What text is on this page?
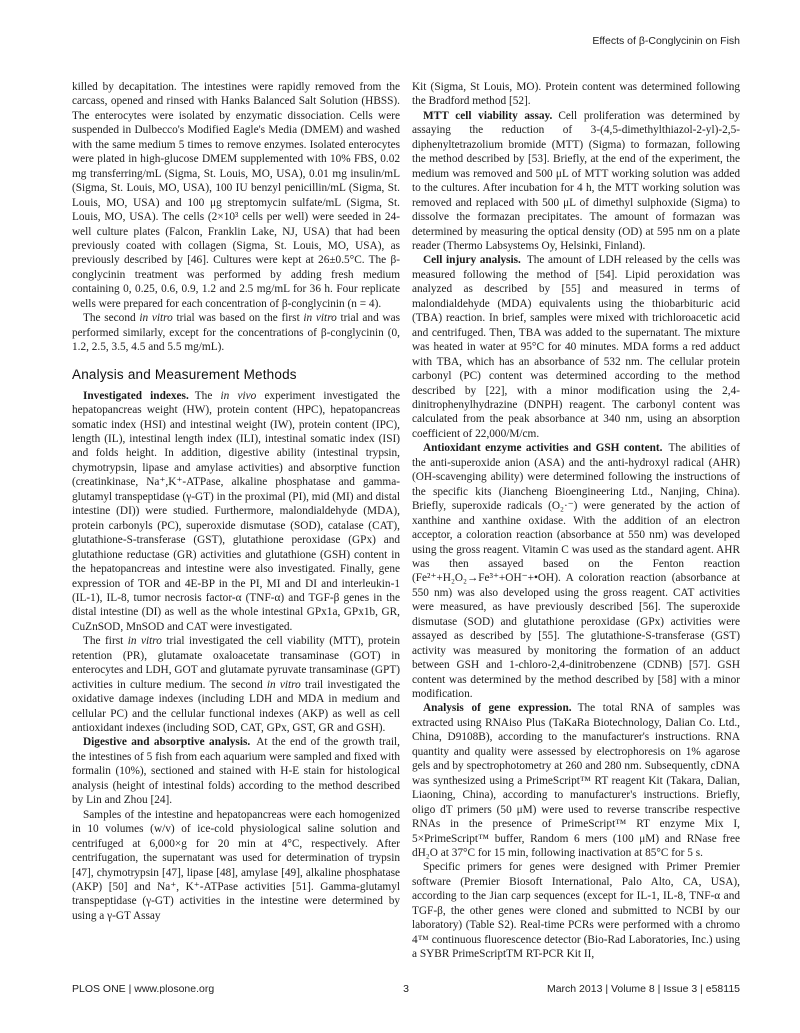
Effects of β-Conglycinin on Fish

killed by decapitation. The intestines were rapidly removed from the carcass, opened and rinsed with Hanks Balanced Salt Solution (HBSS). The enterocytes were isolated by enzymatic dissociation. Cells were suspended in Dulbecco's Modified Eagle's Media (DMEM) and washed with the same medium 5 times to remove enzymes. Isolated enterocytes were plated in high-glucose DMEM supplemented with 10% FBS, 0.02 mg transferring/mL (Sigma, St. Louis, MO, USA), 0.01 mg insulin/mL (Sigma, St. Louis, MO, USA), 100 IU benzyl penicillin/mL (Sigma, St. Louis, MO, USA) and 100 μg streptomycin sulfate/mL (Sigma, St. Louis, MO, USA). The cells (2×10³ cells per well) were seeded in 24-well culture plates (Falcon, Franklin Lake, NJ, USA) that had been previously coated with collagen (Sigma, St. Louis, MO, USA), as previously described by [46]. Cultures were kept at 26±0.5°C. The β-conglycinin treatment was performed by adding fresh medium containing 0, 0.25, 0.6, 0.9, 1.2 and 2.5 mg/mL for 36 h. Four replicate wells were prepared for each concentration of β-conglycinin (n = 4).

The second in vitro trial was based on the first in vitro trial and was performed similarly, except for the concentrations of β-conglycinin (0, 1.2, 2.5, 3.5, 4.5 and 5.5 mg/mL).

Analysis and Measurement Methods

Investigated indexes. The in vivo experiment investigated the hepatopancreas weight (HW), protein content (HPC), hepatopancreas somatic index (HSI) and intestinal weight (IW), protein content (IPC), length (IL), intestinal length index (ILI), intestinal somatic index (ISI) and folds height. In addition, digestive ability (intestinal trypsin, chymotrypsin, lipase and amylase activities) and absorptive function (creatinkinase, Na⁺,K⁺-ATPase, alkaline phosphatase and gamma-glutamyl transpeptidase (γ-GT) in the proximal (PI), mid (MI) and distal intestine (DI)) were studied. Furthermore, malondialdehyde (MDA), protein carbonyls (PC), superoxide dismutase (SOD), catalase (CAT), glutathione-S-transferase (GST), glutathione peroxidase (GPx) and glutathione reductase (GR) activities and glutathione (GSH) content in the hepatopancreas and intestine were also investigated. Finally, gene expression of TOR and 4E-BP in the PI, MI and DI and interleukin-1 (IL-1), IL-8, tumor necrosis factor-α (TNF-α) and TGF-β genes in the distal intestine (DI) as well as the whole intestinal GPx1a, GPx1b, GR, CuZnSOD, MnSOD and CAT were investigated.

The first in vitro trial investigated the cell viability (MTT), protein retention (PR), glutamate oxaloacetate transaminase (GOT) in enterocytes and LDH, GOT and glutamate pyruvate transaminase (GPT) activities in culture medium. The second in vitro trail investigated the oxidative damage indexes (including LDH and MDA in medium and cellular PC) and the cellular functional indexes (AKP) as well as cell antioxidant indexes (including SOD, CAT, GPx, GST, GR and GSH).

Digestive and absorptive analysis. At the end of the growth trail, the intestines of 5 fish from each aquarium were sampled and fixed with formalin (10%), sectioned and stained with H-E stain for histological analysis (height of intestinal folds) according to the method described by Lin and Zhou [24].

Samples of the intestine and hepatopancreas were each homogenized in 10 volumes (w/v) of ice-cold physiological saline solution and centrifuged at 6,000×g for 20 min at 4°C, respectively. After centrifugation, the supernatant was used for determination of trypsin [47], chymotrypsin [47], lipase [48], amylase [49], alkaline phosphatase (AKP) [50] and Na⁺, K⁺-ATPase activities [51]. Gamma-glutamyl transpeptidase (γ-GT) activities in the intestine were determined by using a γ-GT Assay

Kit (Sigma, St Louis, MO). Protein content was determined following the Bradford method [52].

MTT cell viability assay. Cell proliferation was determined by assaying the reduction of 3-(4,5-dimethylthiazol-2-yl)-2,5-diphenyltetrazolium bromide (MTT) (Sigma) to formazan, following the method described by [53]. Briefly, at the end of the experiment, the medium was removed and 500 μL of MTT working solution was added to the cultures. After incubation for 4 h, the MTT working solution was removed and replaced with 500 μL of dimethyl sulphoxide (Sigma) to dissolve the formazan precipitates. The amount of formazan was determined by measuring the optical density (OD) at 595 nm on a plate reader (Thermo Labsystems Oy, Helsinki, Finland).

Cell injury analysis. The amount of LDH released by the cells was measured following the method of [54]. Lipid peroxidation was analyzed as described by [55] and measured in terms of malondialdehyde (MDA) equivalents using the thiobarbituric acid (TBA) reaction. In brief, samples were mixed with trichloroacetic acid and centrifuged. Then, TBA was added to the supernatant. The mixture was heated in water at 95°C for 40 minutes. MDA forms a red adduct with TBA, which has an absorbance of 532 nm. The cellular protein carbonyl (PC) content was determined according to the method described by [22], with a minor modification using the 2,4-dinitrophenylhydrazine (DNPH) reagent. The carbonyl content was calculated from the peak absorbance at 340 nm, using an absorption coefficient of 22,000/M/cm.

Antioxidant enzyme activities and GSH content. The abilities of the anti-superoxide anion (ASA) and the anti-hydroxyl radical (AHR) (OH-scavenging ability) were determined following the instructions of the specific kits (Jiancheng Bioengineering Ltd., Nanjing, China). Briefly, superoxide radicals (O₂·⁻) were generated by the action of xanthine and xanthine oxidase. With the addition of an electron acceptor, a coloration reaction (absorbance at 550 nm) was developed using the gross reagent. Vitamin C was used as the standard agent. AHR was then assayed based on the Fenton reaction (Fe²⁺+H₂O₂→Fe³⁺+OH⁻+•OH). A coloration reaction (absorbance at 550 nm) was also developed using the gross reagent. CAT activities were measured, as have previously described [56]. The superoxide dismutase (SOD) and glutathione peroxidase (GPx) activities were assayed as described by [55]. The glutathione-S-transferase (GST) activity was measured by monitoring the formation of an adduct between GSH and 1-chloro-2,4-dinitrobenzene (CDNB) [57]. GSH content was determined by the method described by [58] with a minor modification.

Analysis of gene expression. The total RNA of samples was extracted using RNAiso Plus (TaKaRa Biotechnology, Dalian Co. Ltd., China, D9108B), according to the manufacturer's instructions. RNA quantity and quality were assessed by electrophoresis on 1% agarose gels and by spectrophotometry at 260 and 280 nm. Subsequently, cDNA was synthesized using a PrimeScript™ RT reagent Kit (Takara, Dalian, Liaoning, China), according to manufacturer's instructions. Briefly, oligo dT primers (50 μM) were used to reverse transcribe respective RNAs in the presence of PrimeScript™ RT enzyme Mix I, 5×PrimeScript™ buffer, Random 6 mers (100 μM) and RNase free dH₂O at 37°C for 15 min, following inactivation at 85°C for 5 s.

Specific primers for genes were designed with Primer Premier software (Premier Biosoft International, Palo Alto, CA, USA), according to the Jian carp sequences (except for IL-1, IL-8, TNF-α and TGF-β, the other genes were cloned and submitted to NCBI by our laboratory) (Table S2). Real-time PCRs were performed with a chromo 4™ continuous fluorescence detector (Bio-Rad Laboratories, Inc.) using a SYBR PrimeScriptTM RT-PCR Kit II,

PLOS ONE | www.plosone.org	3	March 2013 | Volume 8 | Issue 3 | e58115
